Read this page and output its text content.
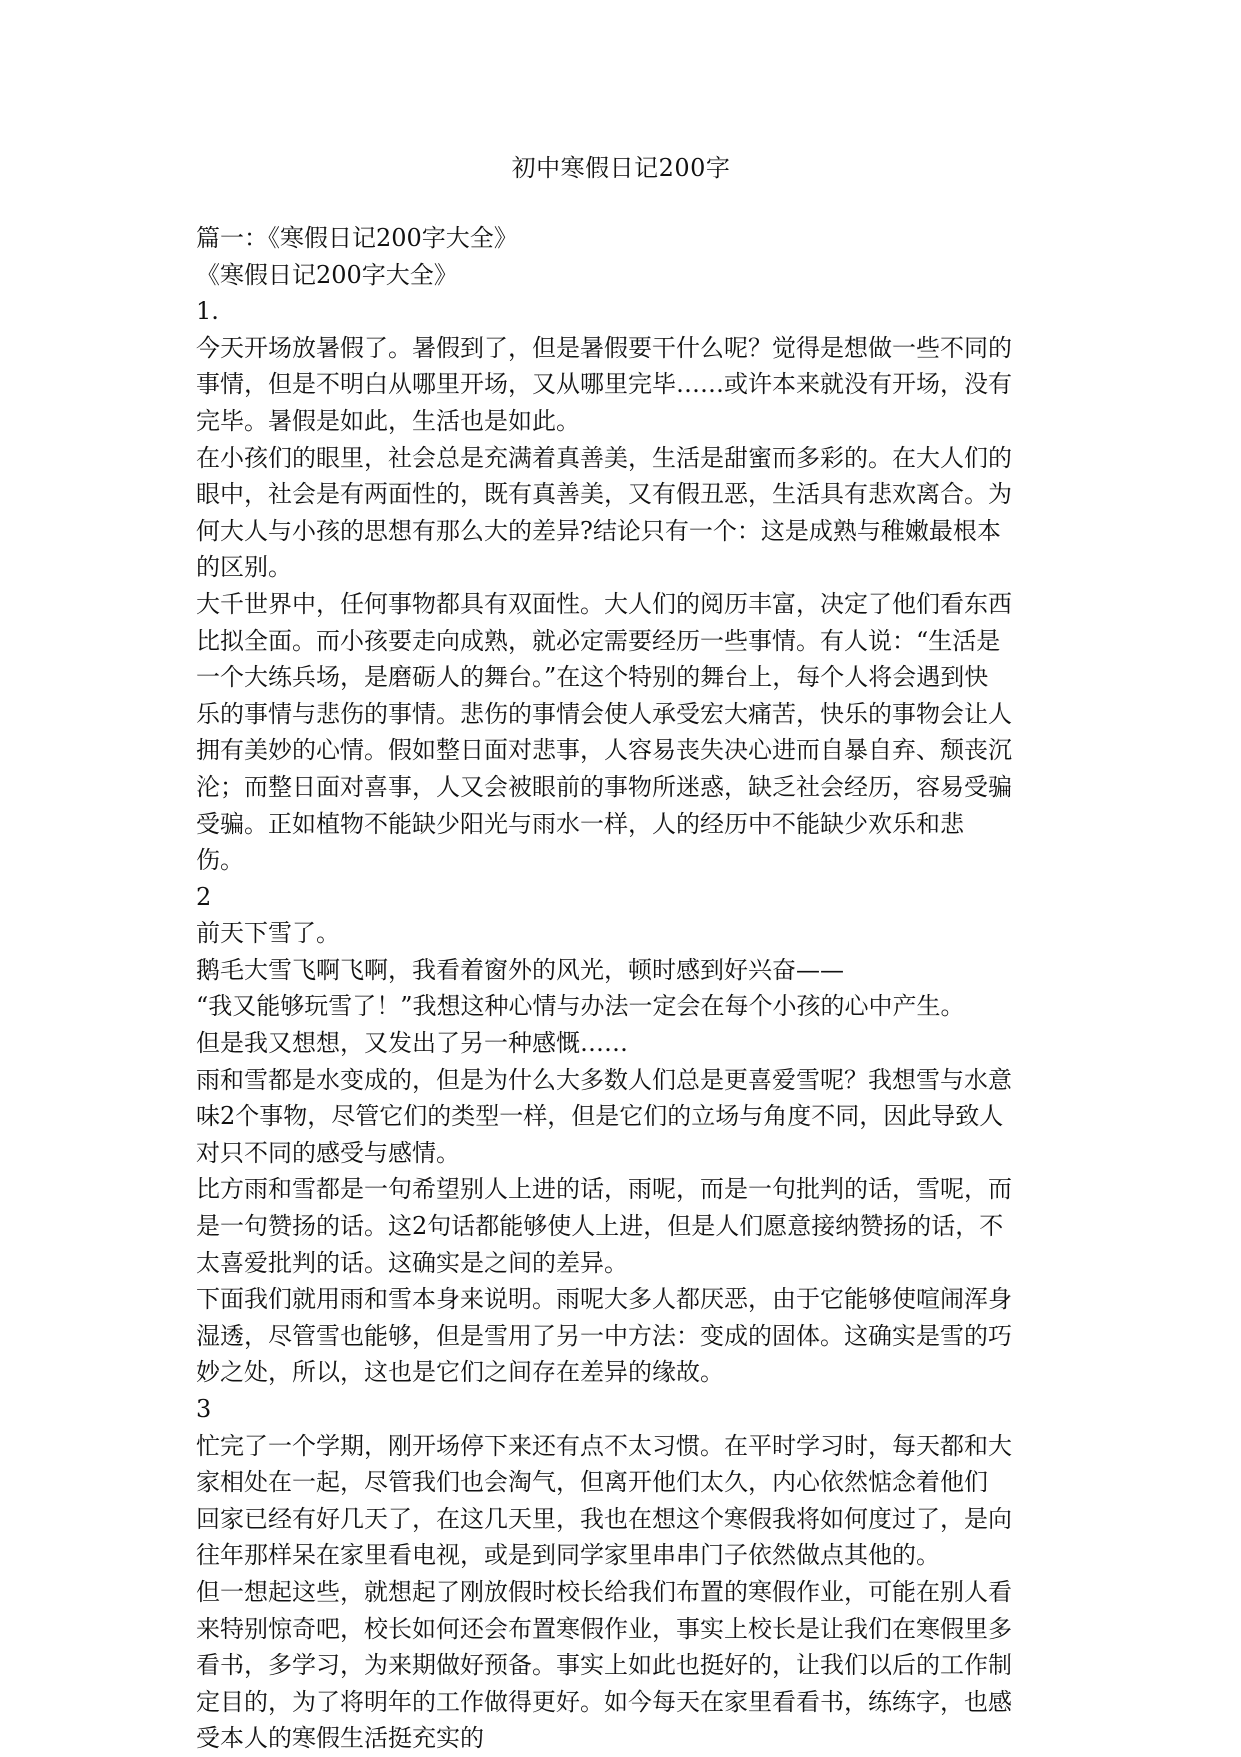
初中寒假日记200字
篇一：《寒假日记200字大全》
《寒假日记200字大全》
1.
今天开场放暑假了。暑假到了，但是暑假要干什么呢？觉得是想做一些不同的
事情，但是不明白从哪里开场，又从哪里完毕……或许本来就没有开场，没有
完毕。暑假是如此，生活也是如此。
在小孩们的眼里，社会总是充满着真善美，生活是甜蜜而多彩的。在大人们的
眼中，社会是有两面性的，既有真善美，又有假丑恶，生活具有悲欢离合。为
何大人与小孩的思想有那么大的差异?结论只有一个：这是成熟与稚嫩最根本
的区别。
大千世界中，任何事物都具有双面性。大人们的阅历丰富，决定了他们看东西
比拟全面。而小孩要走向成熟，就必定需要经历一些事情。有人说：“生活是
一个大练兵场，是磨砺人的舞台。”在这个特别的舞台上，每个人将会遇到快
乐的事情与悲伤的事情。悲伤的事情会使人承受宏大痛苦，快乐的事物会让人
拥有美妙的心情。假如整日面对悲事，人容易丧失决心进而自暴自弃、颓丧沉
沦；而整日面对喜事，人又会被眼前的事物所迷惑，缺乏社会经历，容易受骗
受骗。正如植物不能缺少阳光与雨水一样，人的经历中不能缺少欢乐和悲
伤。
2
前天下雪了。
鹅毛大雪飞啊飞啊，我看着窗外的风光，顿时感到好兴奋——
“我又能够玩雪了！”我想这种心情与办法一定会在每个小孩的心中产生。
但是我又想想，又发出了另一种感慨……
雨和雪都是水变成的，但是为什么大多数人们总是更喜爱雪呢？我想雪与水意
味2个事物，尽管它们的类型一样，但是它们的立场与角度不同，因此导致人
对只不同的感受与感情。
比方雨和雪都是一句希望别人上进的话，雨呢，而是一句批判的话，雪呢，而
是一句赞扬的话。这2句话都能够使人上进，但是人们愿意接纳赞扬的话，不
太喜爱批判的话。这确实是之间的差异。
下面我们就用雨和雪本身来说明。雨呢大多人都厌恶，由于它能够使喧闹浑身
湿透，尽管雪也能够，但是雪用了另一中方法：变成的固体。这确实是雪的巧
妙之处，所以，这也是它们之间存在差异的缘故。
3
忙完了一个学期，刚开场停下来还有点不太习惯。在平时学习时，每天都和大
家相处在一起，尽管我们也会淘气，但离开他们太久，内心依然惦念着他们
回家已经有好几天了，在这几天里，我也在想这个寒假我将如何度过了，是向
往年那样呆在家里看电视，或是到同学家里串串门子依然做点其他的。
但一想起这些，就想起了刚放假时校长给我们布置的寒假作业，可能在别人看
来特别惊奇吧，校长如何还会布置寒假作业，事实上校长是让我们在寒假里多
看书，多学习，为来期做好预备。事实上如此也挺好的，让我们以后的工作制
定目的，为了将明年的工作做得更好。如今每天在家里看看书，练练字，也感
受本人的寒假生活挺充实的
